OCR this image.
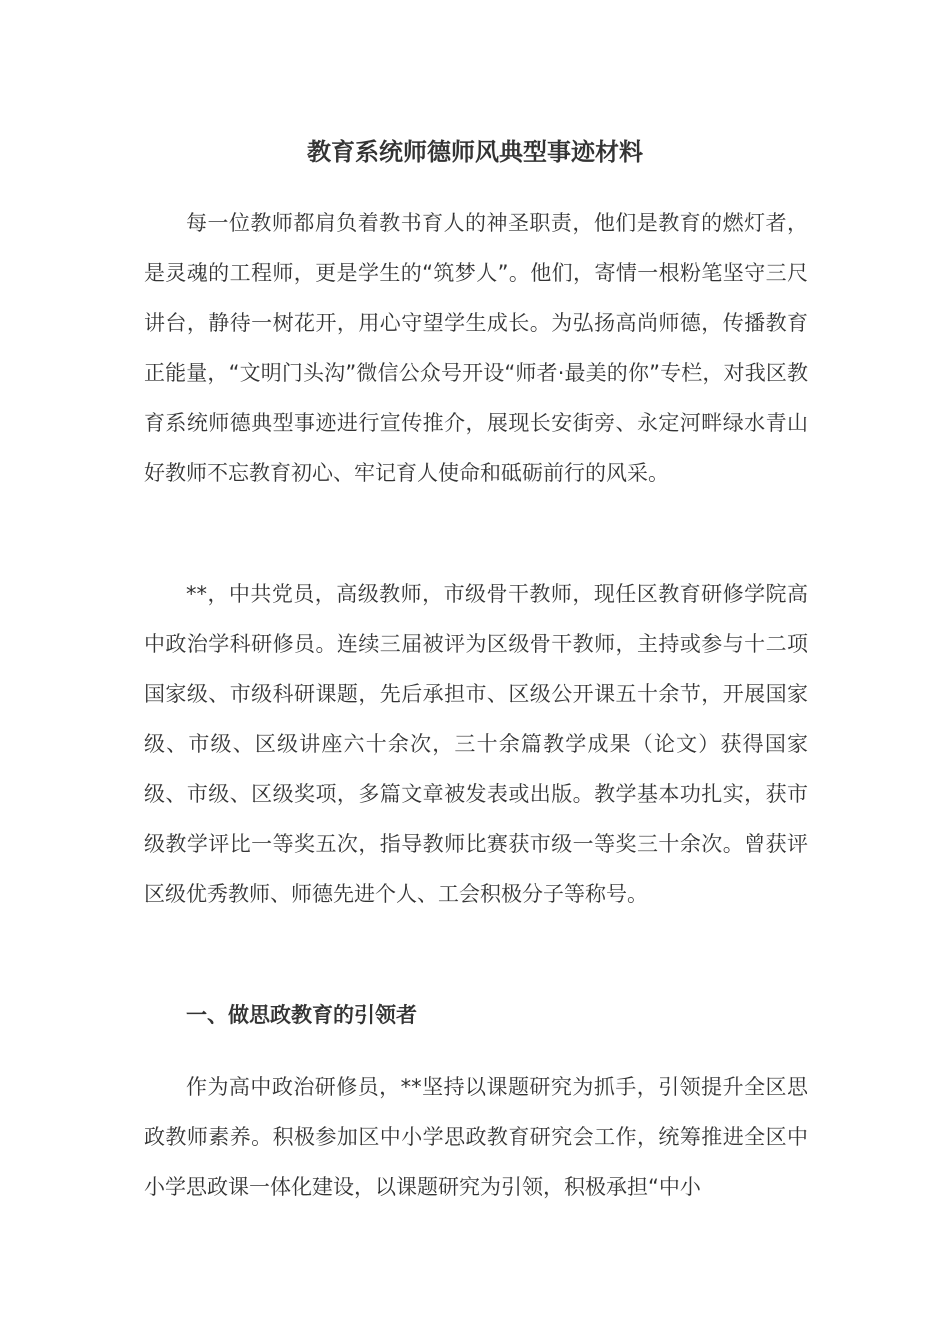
教育系统师德师风典型事迹材料

每一位教师都肩负着教书育人的神圣职责，他们是教育的燃灯者，是灵魂的工程师，更是学生的“筑梦人”。他们，寄情一根粉笔坚守三尺讲台，静待一树花开，用心守望学生成长。为弘扬高尚师德，传播教育正能量，“文明门头沟”微信公众号开设“师者·最美的你”专栏，对我区教育系统师德典型事迹进行宣传推介，展现长安街旁、永定河畔绿水青山好教师不忘教育初心、牢记育人使命和砥砺前行的风采。

**，中共党员，高级教师，市级骨干教师，现任区教育研修学院高中政治学科研修员。连续三届被评为区级骨干教师，主持或参与十二项国家级、市级科研课题，先后承担市、区级公开课五十余节，开展国家级、市级、区级讲座六十余次，三十余篇教学成果（论文）获得国家级、市级、区级奖项，多篇文章被发表或出版。教学基本功扎实，获市级教学评比一等奖五次，指导教师比赛获市级一等奖三十余次。曾获评区级优秀教师、师德先进个人、工会积极分子等称号。

一、做思政教育的引领者

作为高中政治研修员，**坚持以课题研究为抓手，引领提升全区思政教师素养。积极参加区中小学思政教育研究会工作，统筹推进全区中小学思政课一体化建设，以课题研究为引领，积极承担“中小
